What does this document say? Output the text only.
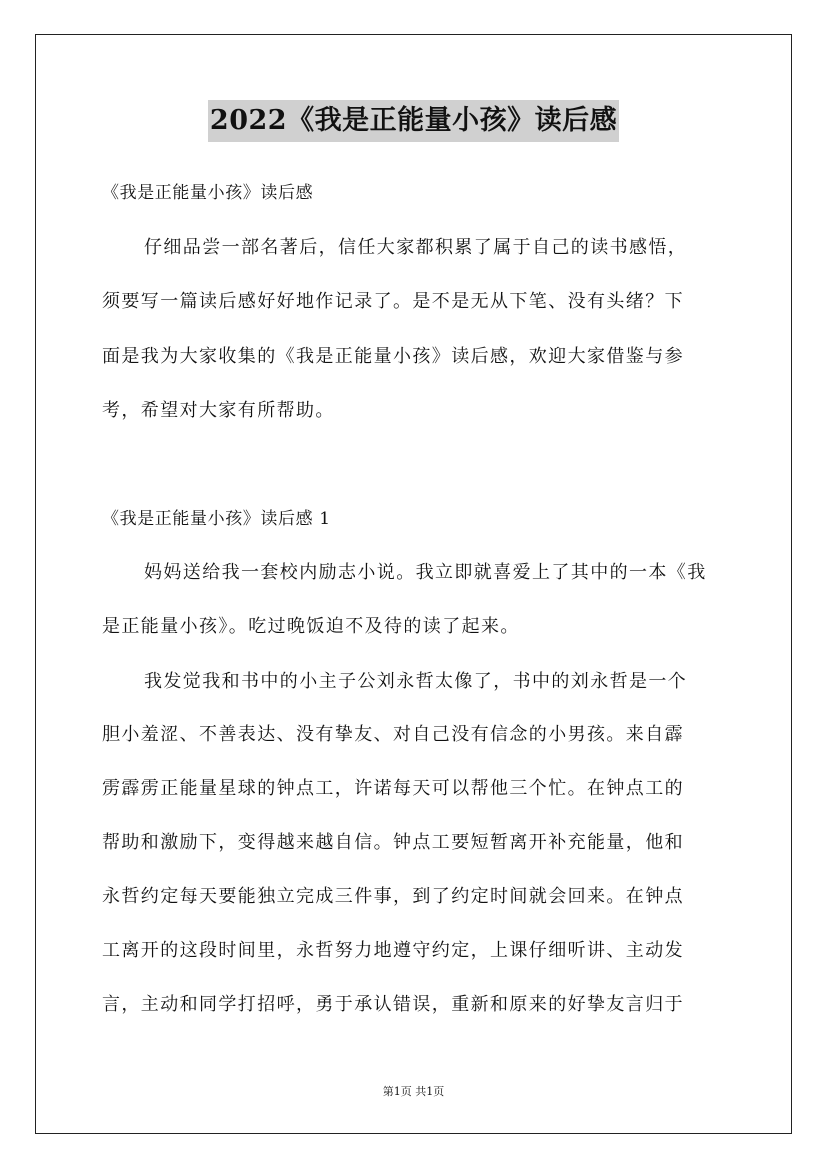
2022《我是正能量小孩》读后感
《我是正能量小孩》读后感
仔细品尝一部名著后，信任大家都积累了属于自己的读书感悟，
须要写一篇读后感好好地作记录了。是不是无从下笔、没有头绪？下
面是我为大家收集的《我是正能量小孩》读后感，欢迎大家借鉴与参
考，希望对大家有所帮助。
《我是正能量小孩》读后感 1
妈妈送给我一套校内励志小说。我立即就喜爱上了其中的一本《我
是正能量小孩》。吃过晚饭迫不及待的读了起来。
我发觉我和书中的小主子公刘永哲太像了，书中的刘永哲是一个
胆小羞涩、不善表达、没有挚友、对自己没有信念的小男孩。来自霹
雳霹雳正能量星球的钟点工，许诺每天可以帮他三个忙。在钟点工的
帮助和激励下，变得越来越自信。钟点工要短暂离开补充能量，他和
永哲约定每天要能独立完成三件事，到了约定时间就会回来。在钟点
工离开的这段时间里，永哲努力地遵守约定，上课仔细听讲、主动发
言，主动和同学打招呼，勇于承认错误，重新和原来的好挚友言归于
第1页 共1页
